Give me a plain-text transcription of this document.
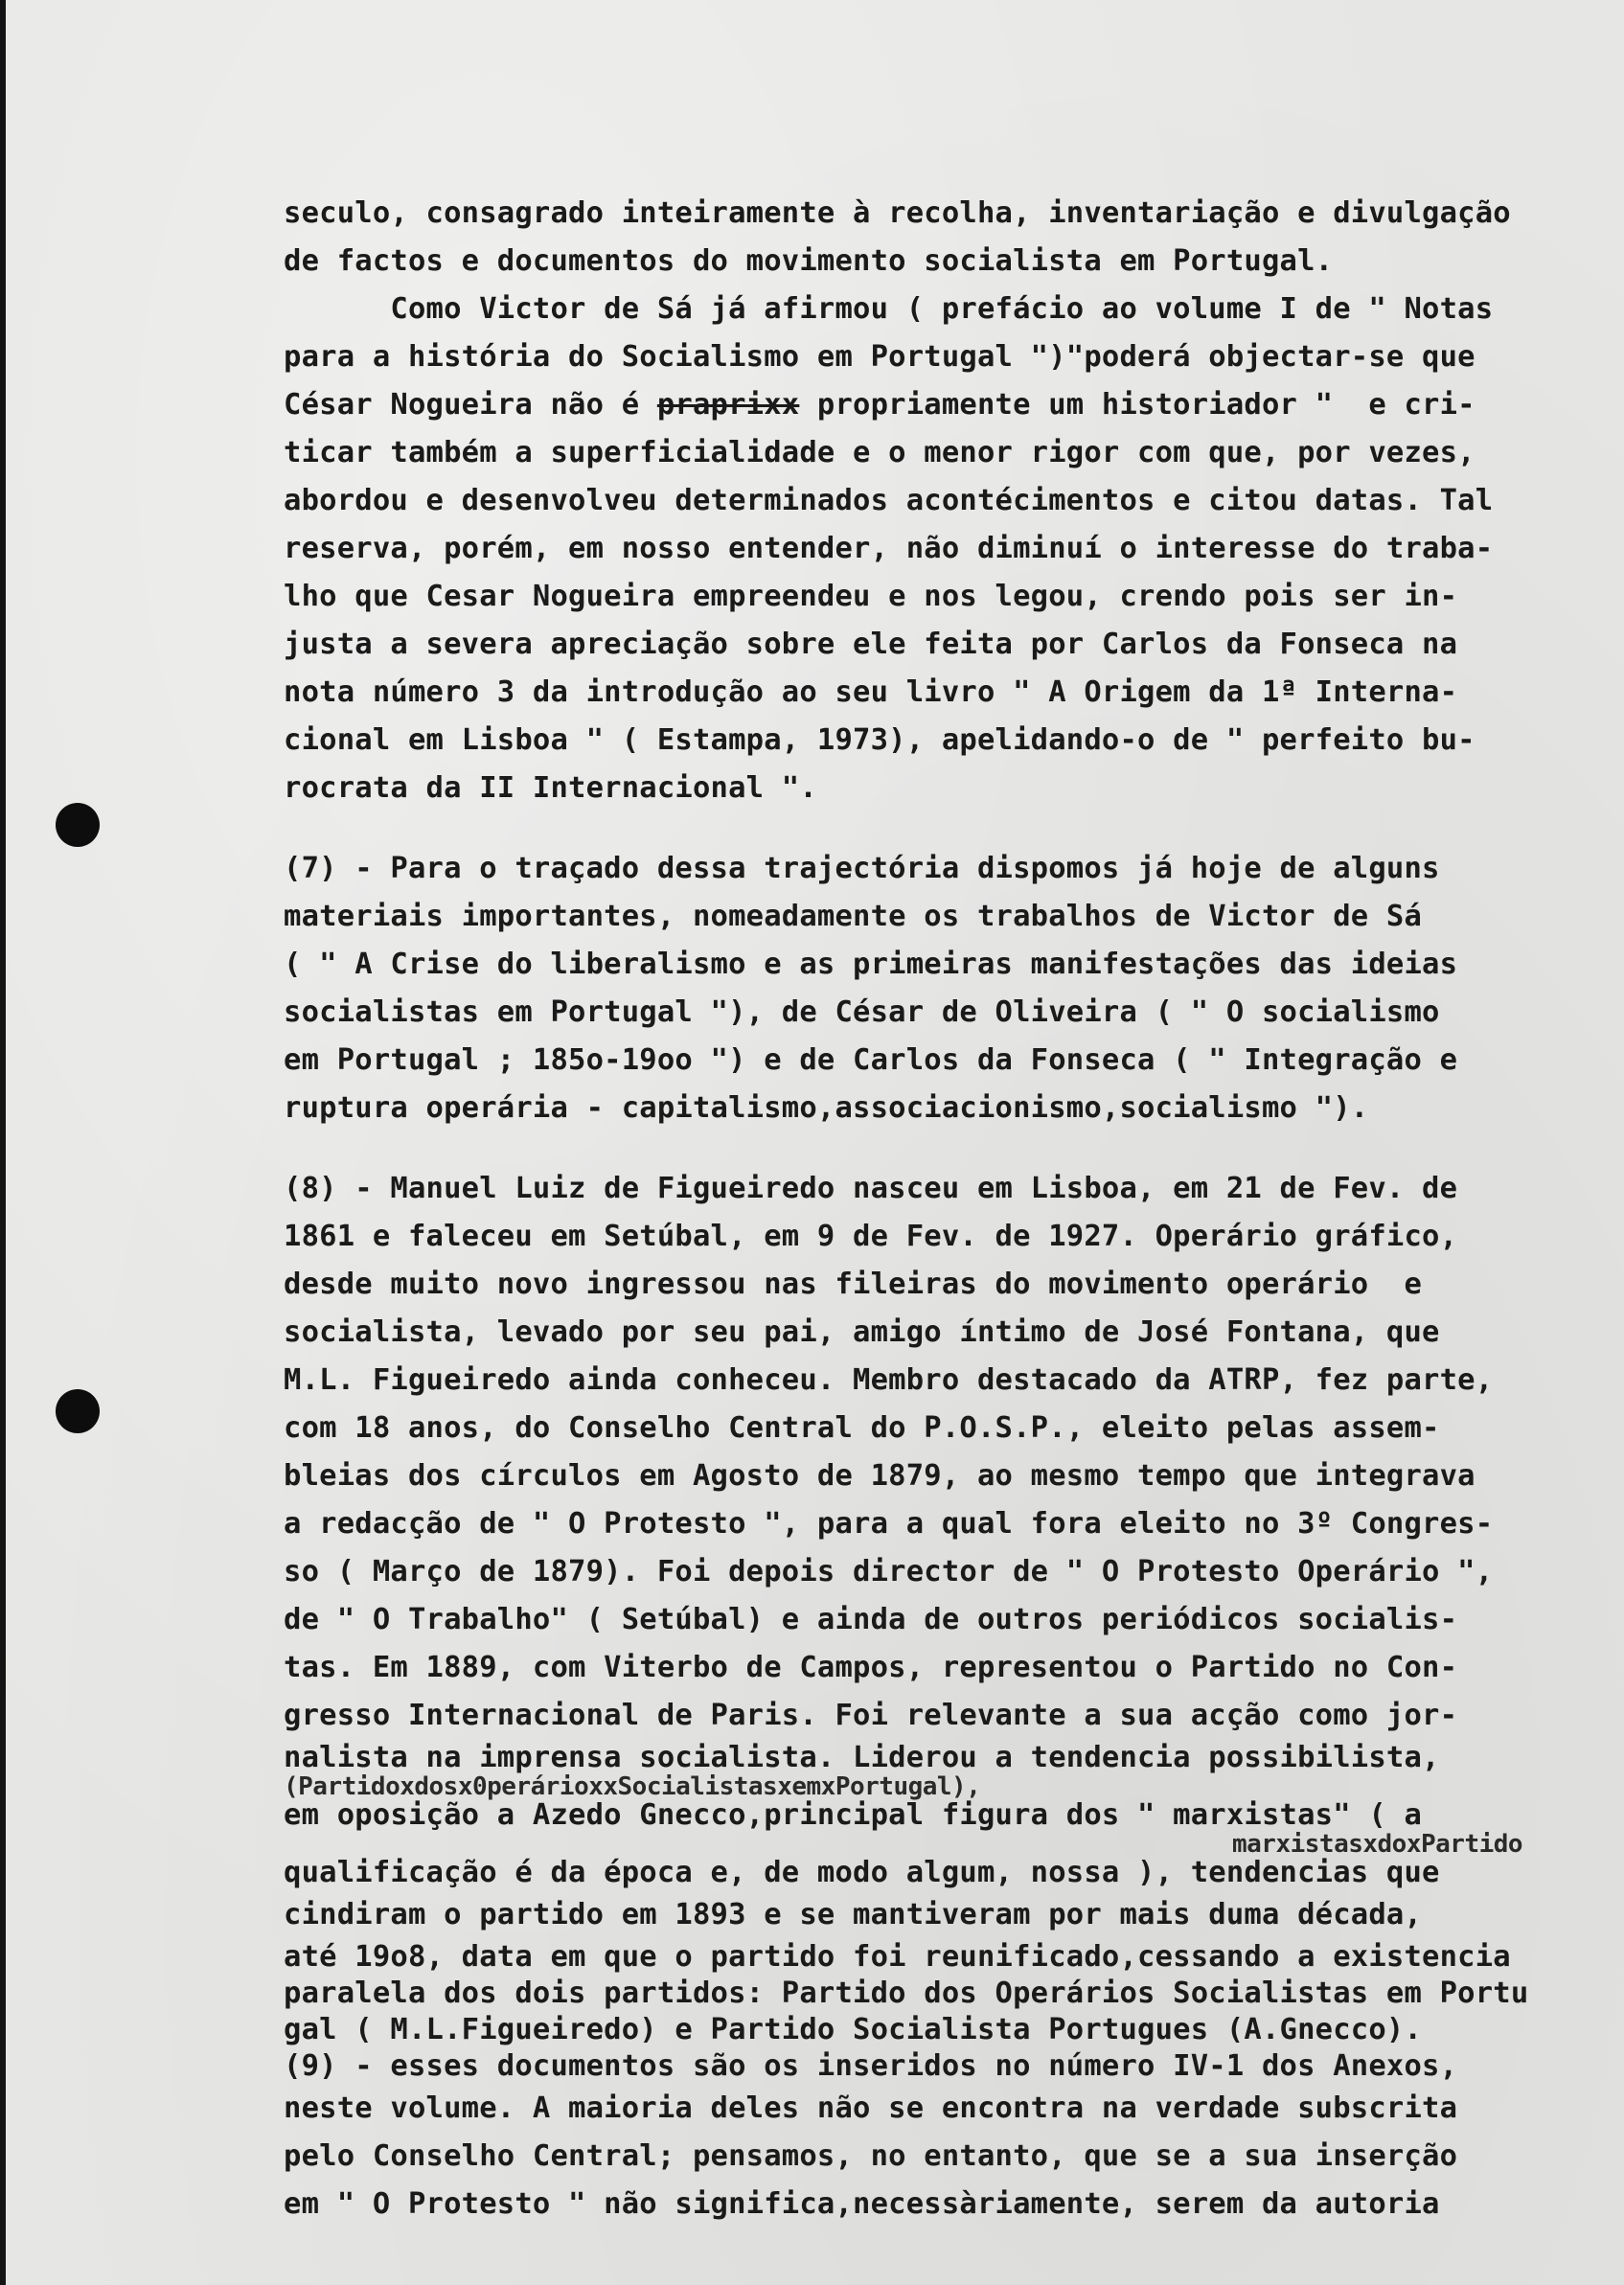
seculo, consagrado inteiramente à recolha, inventariação e divulgação
de factos e documentos do movimento socialista em Portugal.
Como Victor de Sá já afirmou ( prefácio ao volume I de " Notas
para a história do Socialismo em Portugal ")"poderá objectar-se que
César Nogueira não é praprixx propriamente um historiador "  e cri-
ticar também a superficialidade e o menor rigor com que, por vezes,
abordou e desenvolveu determinados acontécimentos e citou datas. Tal
reserva, porém, em nosso entender, não diminuí o interesse do traba-
lho que Cesar Nogueira empreendeu e nos legou, crendo pois ser in-
justa a severa apreciação sobre ele feita por Carlos da Fonseca na
nota número 3 da introdução ao seu livro " A Origem da 1ª Interna-
cional em Lisboa " ( Estampa, 1973), apelidando-o de " perfeito bu-
rocrata da II Internacional ".
(7) - Para o traçado dessa trajectória dispomos já hoje de alguns
materiais importantes, nomeadamente os trabalhos de Victor de Sá
( " A Crise do liberalismo e as primeiras manifestações das ideias
socialistas em Portugal "), de César de Oliveira ( " O socialismo
em Portugal ; 185o-19oo ") e de Carlos da Fonseca ( " Integração e
ruptura operária - capitalismo,associacionismo,socialismo ").
(8) - Manuel Luiz de Figueiredo nasceu em Lisboa, em 21 de Fev. de
1861 e faleceu em Setúbal, em 9 de Fev. de 1927. Operário gráfico,
desde muito novo ingressou nas fileiras do movimento operário  e
socialista, levado por seu pai, amigo íntimo de José Fontana, que
M.L. Figueiredo ainda conheceu. Membro destacado da ATRP, fez parte,
com 18 anos, do Conselho Central do P.O.S.P., eleito pelas assem-
bleias dos círculos em Agosto de 1879, ao mesmo tempo que integrava
a redacção de " O Protesto ", para a qual fora eleito no 3º Congres-
so ( Março de 1879). Foi depois director de " O Protesto Operário ",
de " O Trabalho" ( Setúbal) e ainda de outros periódicos socialis-
tas. Em 1889, com Viterbo de Campos, representou o Partido no Con-
gresso Internacional de Paris. Foi relevante a sua acção como jor-
nalista na imprensa socialista. Liderou a tendencia possibilista,
(Partidoxdosx0perárioxxSocialistasxemxPortugal),
em oposição a Azedo Gnecco,principal figura dos " marxistas" ( a
marxistasxdoxPartido
qualificação é da época e, de modo algum, nossa ), tendencias que
cindiram o partido em 1893 e se mantiveram por mais duma década,
até 19o8, data em que o partido foi reunificado,cessando a existencia
paralela dos dois partidos: Partido dos Operários Socialistas em Portu
gal ( M.L.Figueiredo) e Partido Socialista Portugues (A.Gnecco).
(9) - esses documentos são os inseridos no número IV-1 dos Anexos,
neste volume. A maioria deles não se encontra na verdade subscrita
pelo Conselho Central; pensamos, no entanto, que se a sua inserção
em " O Protesto " não significa,necessàriamente, serem da autoria
